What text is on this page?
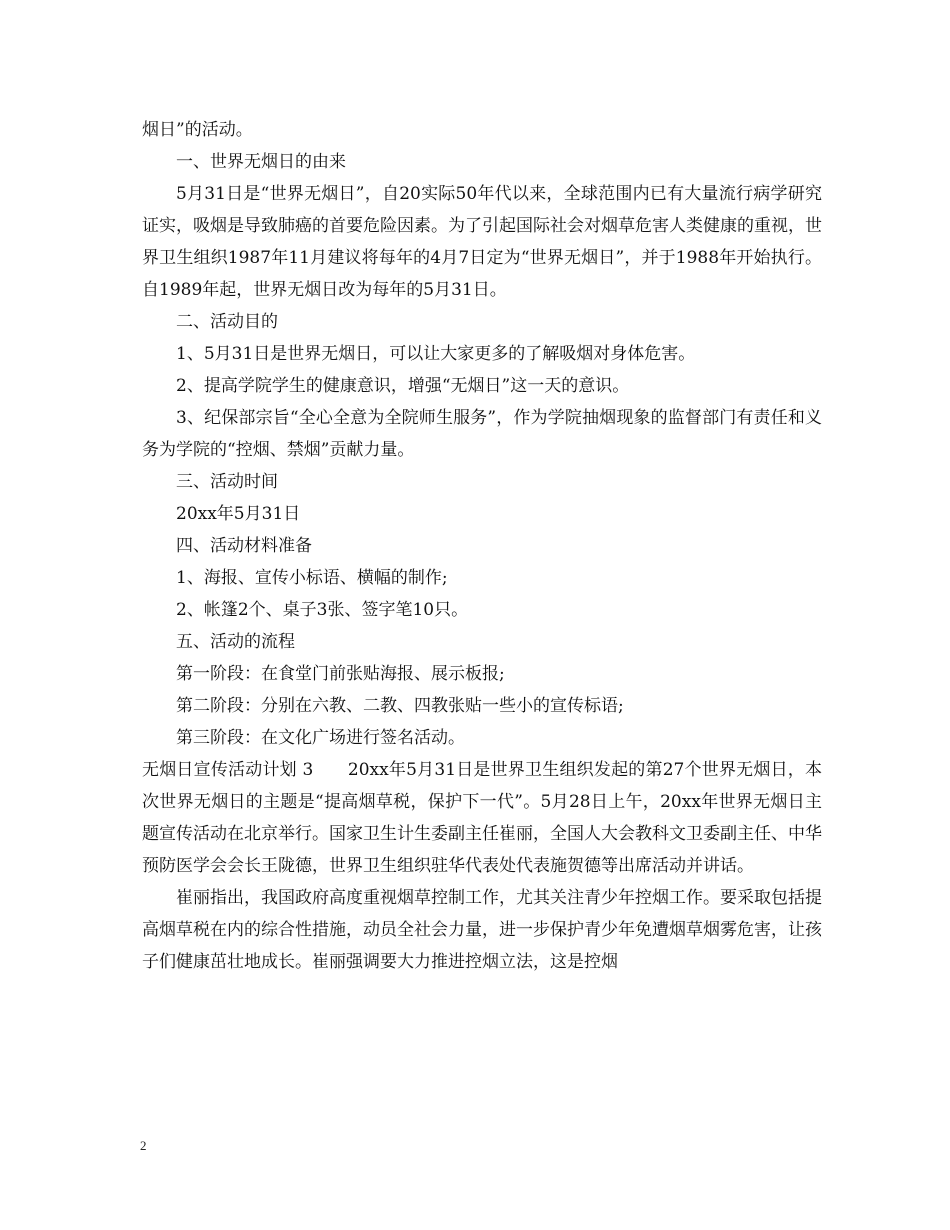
烟日”的活动。

一、世界无烟日的由来

5月31日是“世界无烟日”，自20实际50年代以来，全球范围内已有大量流行病学研究证实，吸烟是导致肺癌的首要危险因素。为了引起国际社会对烟草危害人类健康的重视，世界卫生组织1987年11月建议将每年的4月7日定为“世界无烟日”，并于1988年开始执行。自1989年起，世界无烟日改为每年的5月31日。

二、活动目的

1、5月31日是世界无烟日，可以让大家更多的了解吸烟对身体危害。

2、提高学院学生的健康意识，增强“无烟日”这一天的意识。

3、纪保部宗旨“全心全意为全院师生服务”，作为学院抽烟现象的监督部门有责任和义务为学院的“控烟、禁烟”贡献力量。

三、活动时间

20xx年5月31日

四、活动材料准备

1、海报、宣传小标语、横幅的制作;

2、帐篷2个、桌子3张、签字笔10只。

五、活动的流程

第一阶段：在食堂门前张贴海报、展示板报;

第二阶段：分别在六教、二教、四教张贴一些小的宣传标语;

第三阶段：在文化广场进行签名活动。

无烟日宣传活动计划 3　　20xx年5月31日是世界卫生组织发起的第27个世界无烟日，本次世界无烟日的主题是“提高烟草税，保护下一代”。5月28日上午，20xx年世界无烟日主题宣传活动在北京举行。国家卫生计生委副主任崔丽，全国人大会教科文卫委副主任、中华预防医学会会长王陇德，世界卫生组织驻华代表处代表施贺德等出席活动并讲话。

崔丽指出，我国政府高度重视烟草控制工作，尤其关注青少年控烟工作。要采取包括提高烟草税在内的综合性措施，动员全社会力量，进一步保护青少年免遭烟草烟雾危害，让孩子们健康茁壮地成长。崔丽强调要大力推进控烟立法，这是控烟

2
